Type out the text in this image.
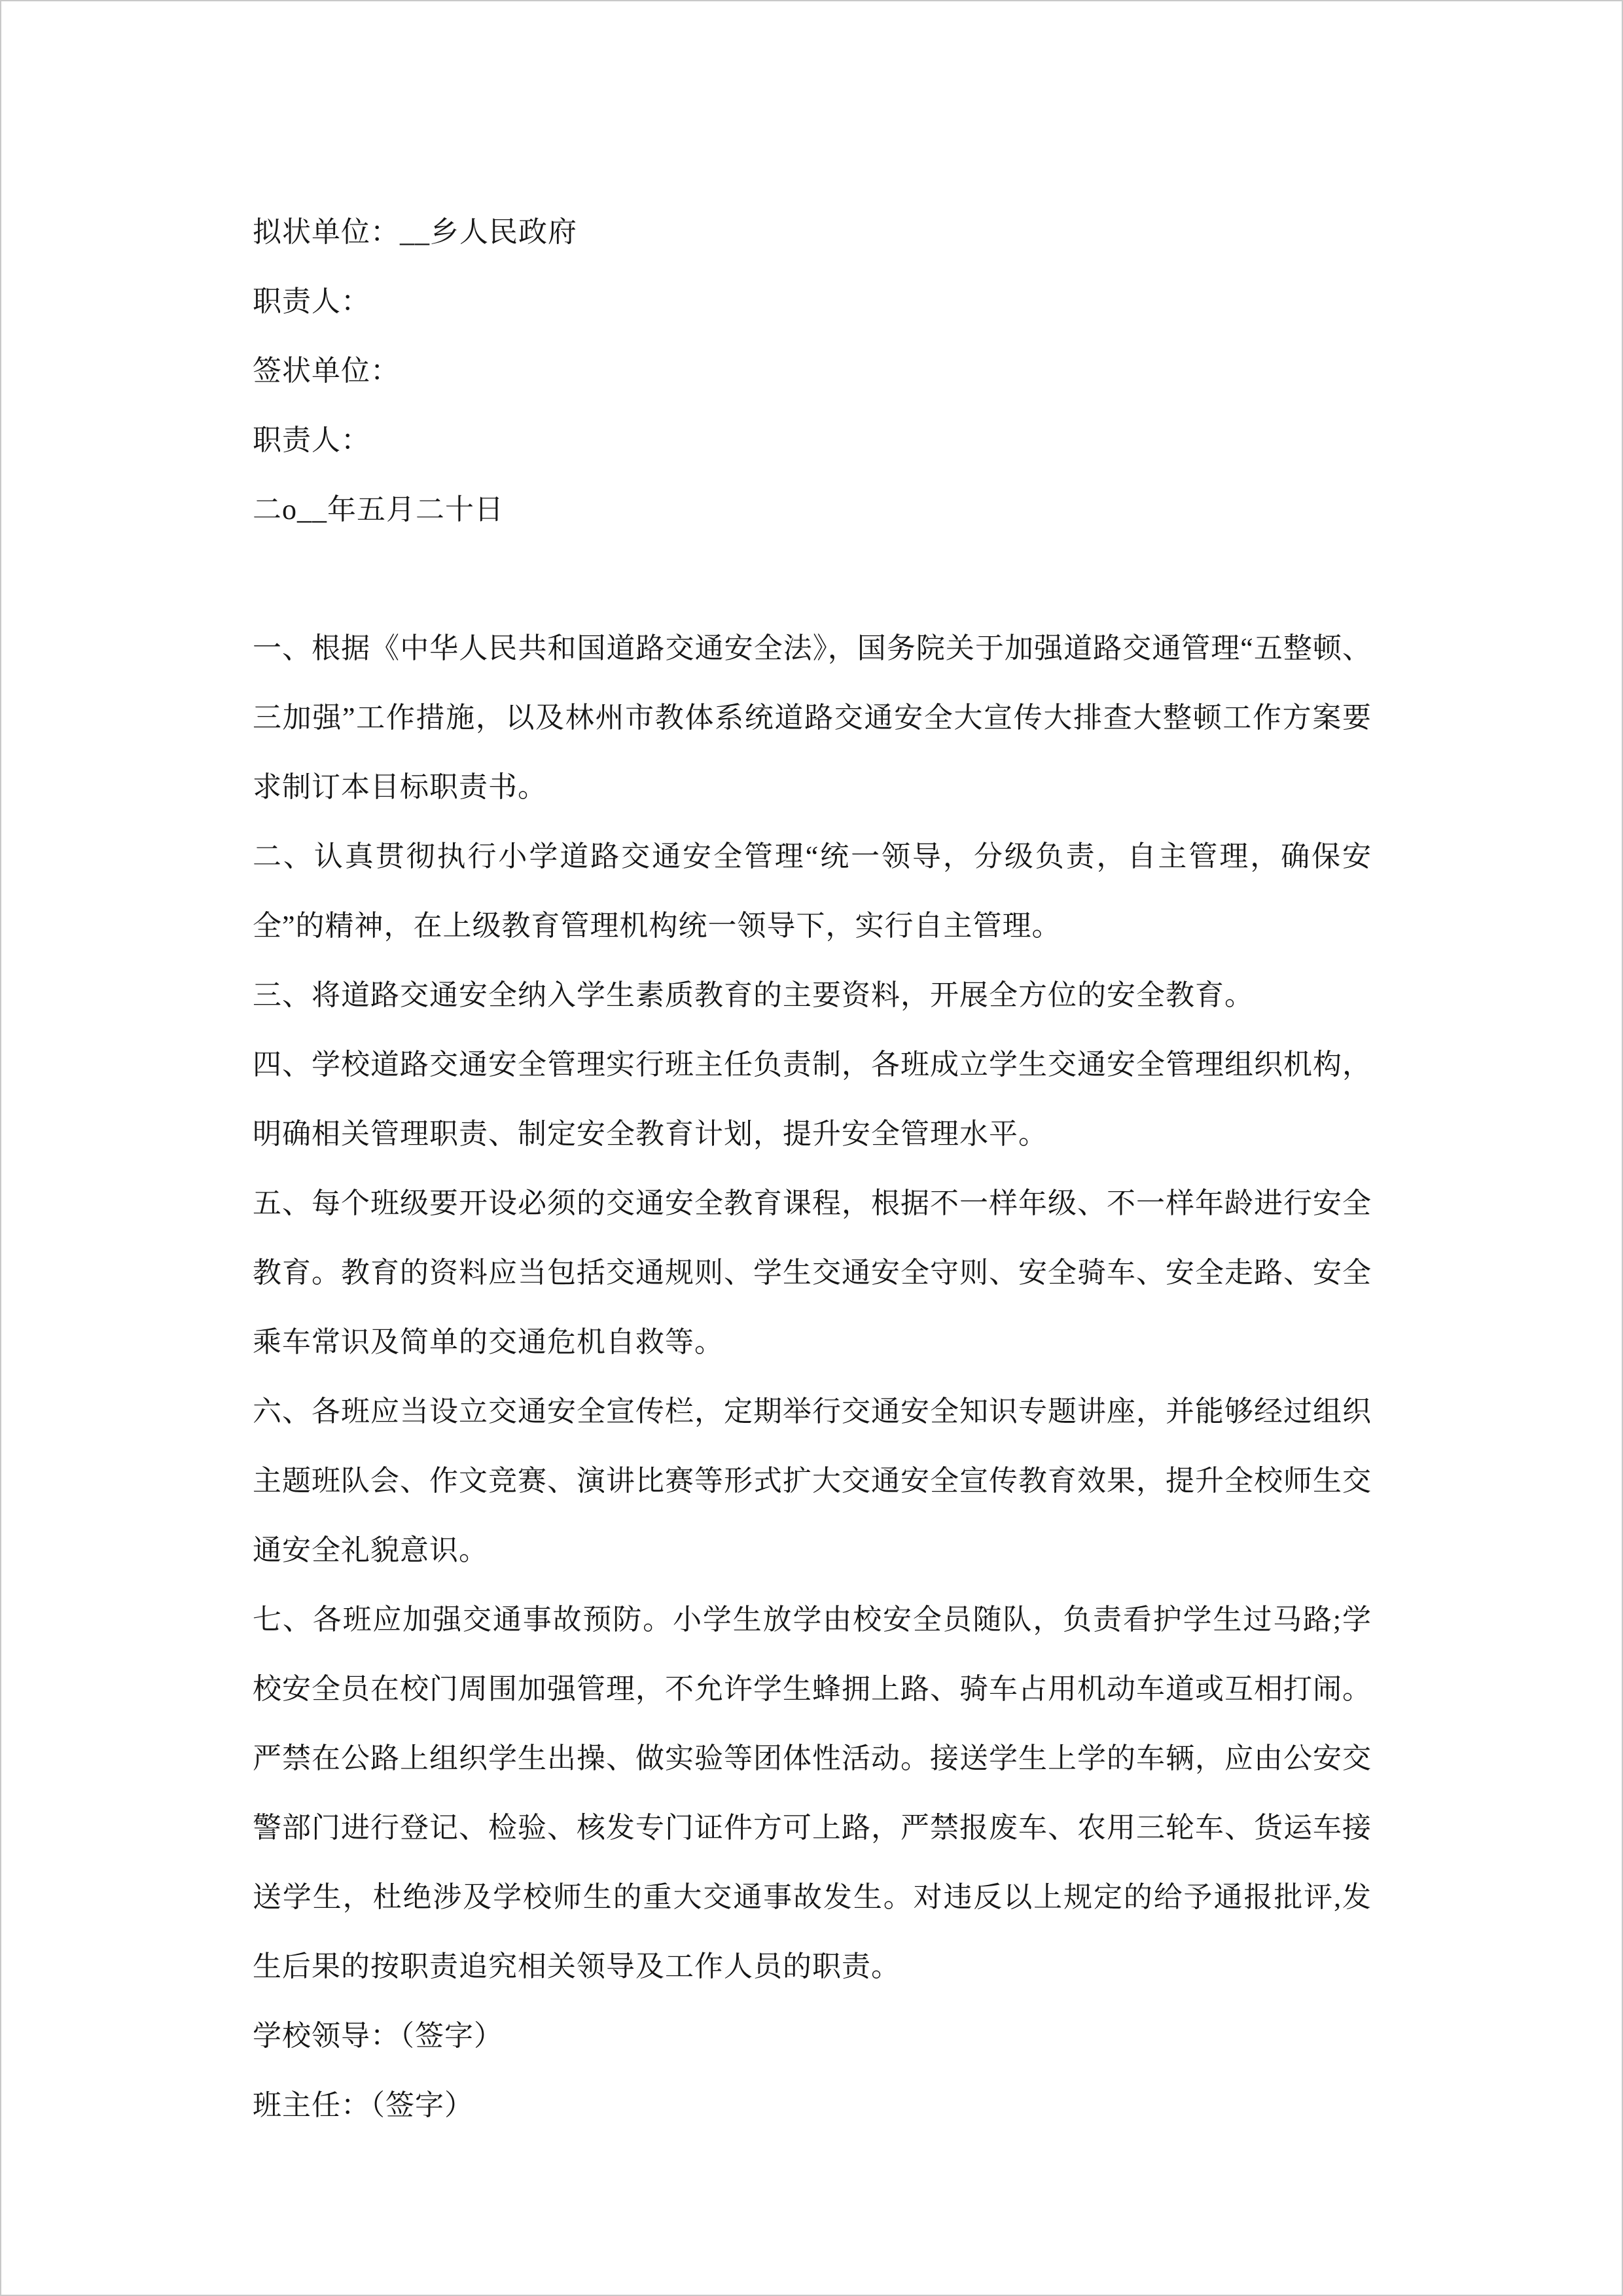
拟状单位：__乡人民政府

职责人：

签状单位：

职责人：

二o__年五月二十日

一、根据《中华人民共和国道路交通安全法》，国务院关于加强道路交通管理“五整顿、三加强”工作措施，以及林州市教体系统道路交通安全大宣传大排查大整顿工作方案要求制订本目标职责书。

二、认真贯彻执行小学道路交通安全管理“统一领导，分级负责，自主管理，确保安全”的精神，在上级教育管理机构统一领导下，实行自主管理。

三、将道路交通安全纳入学生素质教育的主要资料，开展全方位的安全教育。

四、学校道路交通安全管理实行班主任负责制，各班成立学生交通安全管理组织机构，明确相关管理职责、制定安全教育计划，提升安全管理水平。

五、每个班级要开设必须的交通安全教育课程，根据不一样年级、不一样年龄进行安全教育。教育的资料应当包括交通规则、学生交通安全守则、安全骑车、安全走路、安全乘车常识及简单的交通危机自救等。

六、各班应当设立交通安全宣传栏，定期举行交通安全知识专题讲座，并能够经过组织主题班队会、作文竞赛、演讲比赛等形式扩大交通安全宣传教育效果，提升全校师生交通安全礼貌意识。

七、各班应加强交通事故预防。小学生放学由校安全员随队，负责看护学生过马路;学校安全员在校门周围加强管理，不允许学生蜂拥上路、骑车占用机动车道或互相打闹。严禁在公路上组织学生出操、做实验等团体性活动。接送学生上学的车辆，应由公安交警部门进行登记、检验、核发专门证件方可上路，严禁报废车、农用三轮车、货运车接送学生，杜绝涉及学校师生的重大交通事故发生。对违反以上规定的给予通报批评,发生后果的按职责追究相关领导及工作人员的职责。

学校领导：（签字）

班主任：（签字）
